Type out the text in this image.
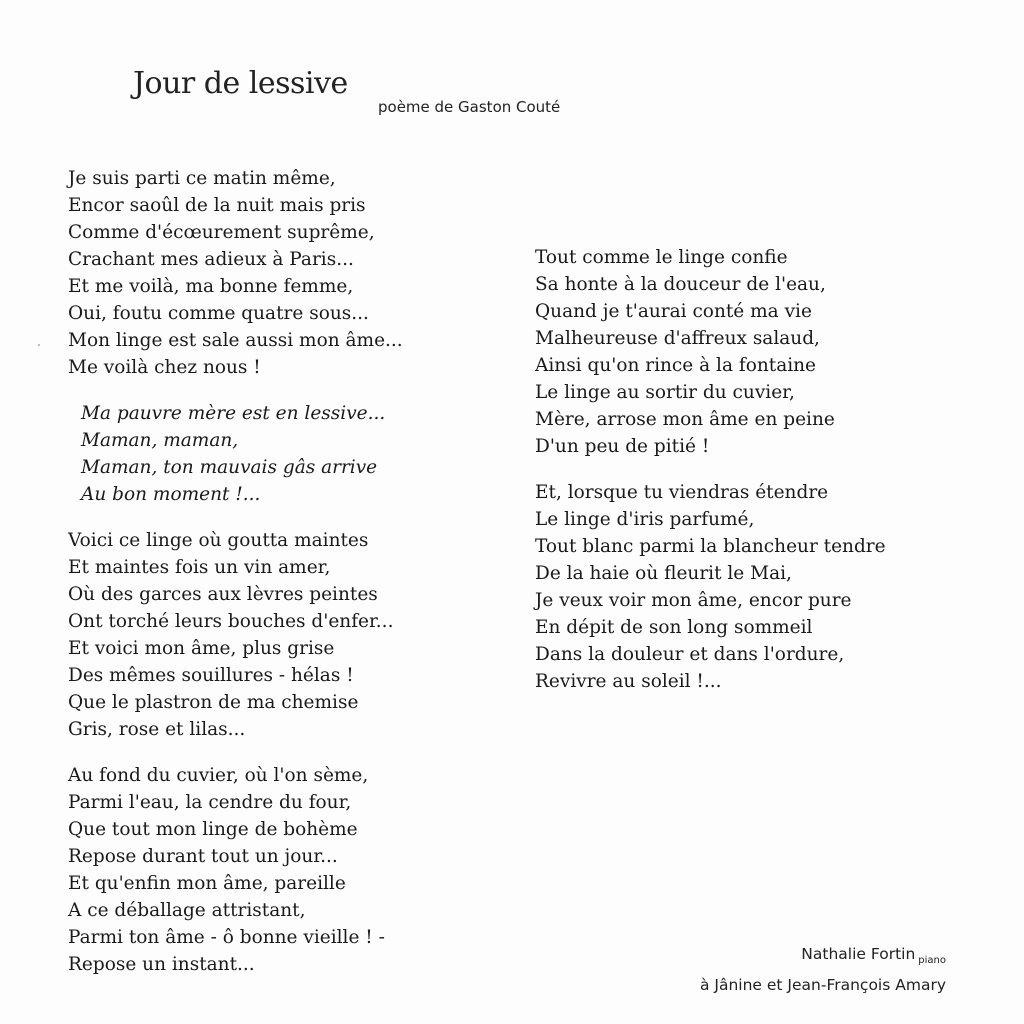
Jour de lessive
poème de Gaston Couté

Je suis parti ce matin même,

Encor saoûl de la nuit mais pris

Comme d'écœurement suprême,

Crachant mes adieux à Paris...

Et me voilà, ma bonne femme,

Oui, foutu comme quatre sous...

Mon linge est sale aussi mon âme...

Me voilà chez nous !

Ma pauvre mère est en lessive...

Maman, maman,

Maman, ton mauvais gâs arrive

Au bon moment !...

Voici ce linge où goutta maintes

Et maintes fois un vin amer,

Où des garces aux lèvres peintes

Ont torché leurs bouches d'enfer...

Et voici mon âme, plus grise

Des mêmes souillures - hélas !

Que le plastron de ma chemise

Gris, rose et lilas...

Au fond du cuvier, où l'on sème,

Parmi l'eau, la cendre du four,

Que tout mon linge de bohème

Repose durant tout un jour...

Et qu'enfin mon âme, pareille

A ce déballage attristant,

Parmi ton âme - ô bonne vieille ! -

Repose un instant...

Tout comme le linge confie

Sa honte à la douceur de l'eau,

Quand je t'aurai conté ma vie

Malheureuse d'affreux salaud,

Ainsi qu'on rince à la fontaine

Le linge au sortir du cuvier,

Mère, arrose mon âme en peine

D'un peu de pitié !

Et, lorsque tu viendras étendre

Le linge d'iris parfumé,

Tout blanc parmi la blancheur tendre

De la haie où fleurit le Mai,

Je veux voir mon âme, encor pure

En dépit de son long sommeil

Dans la douleur et dans l'ordure,

Revivre au soleil !...

Nathalie Fortin $_{piano}$
à Jânine et Jean-François Amary
